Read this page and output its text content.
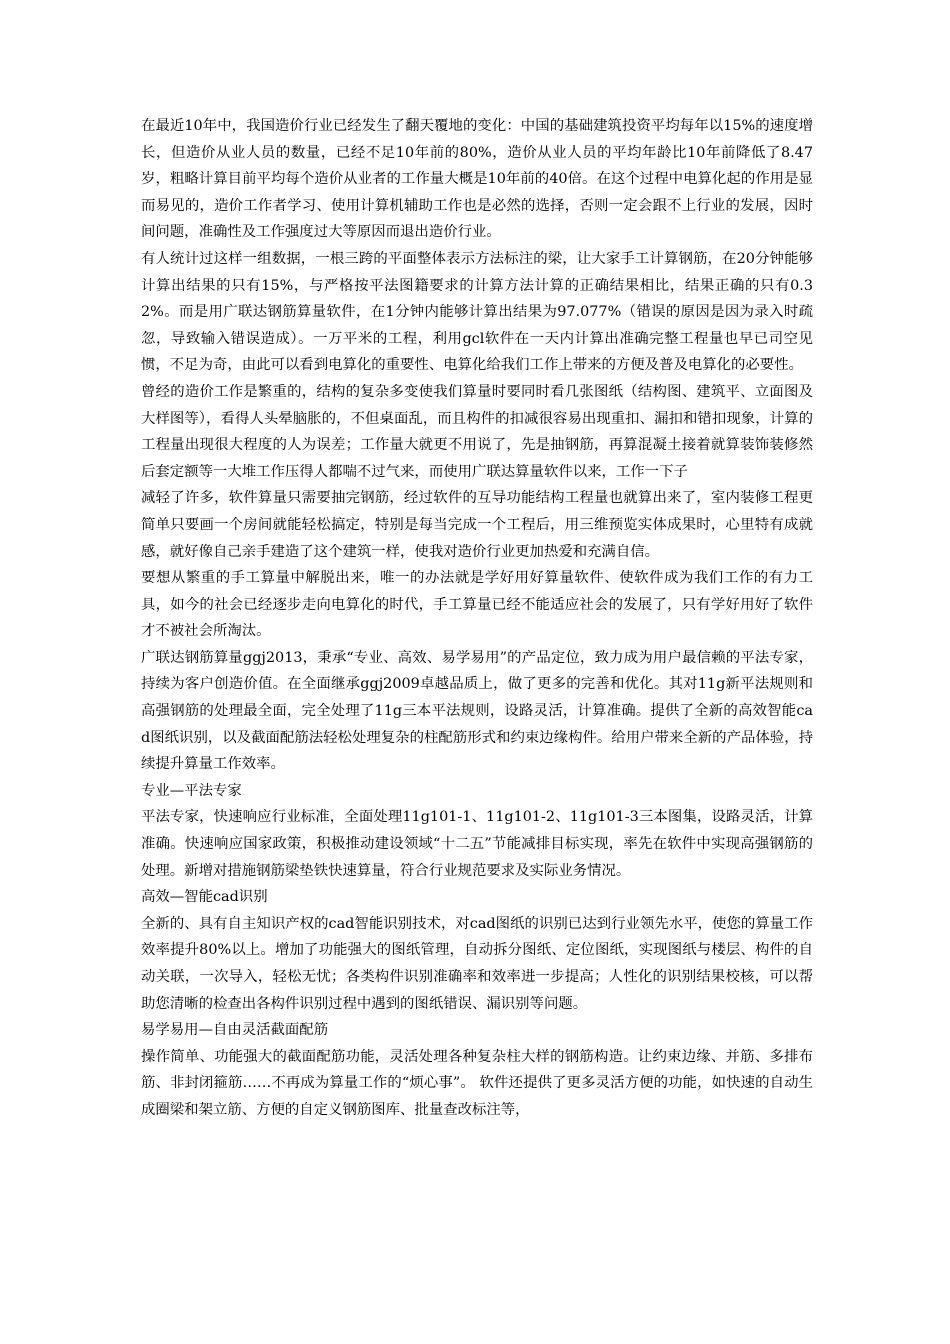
在最近10年中，我国造价行业已经发生了翻天覆地的变化：中国的基础建筑投资平均每年以15%的速度增长，但造价从业人员的数量，已经不足10年前的80%，造价从业人员的平均年龄比10年前降低了8.47岁，粗略计算目前平均每个造价从业者的工作量大概是10年前的40倍。在这个过程中电算化起的作用是显而易见的，造价工作者学习、使用计算机辅助工作也是必然的选择，否则一定会跟不上行业的发展，因时间问题，准确性及工作强度过大等原因而退出造价行业。

有人统计过这样一组数据，一根三跨的平面整体表示方法标注的梁，让大家手工计算钢筋，在20分钟能够计算出结果的只有15%，与严格按平法图籍要求的计算方法计算的正确结果相比，结果正确的只有0.32%。而是用广联达钢筋算量软件，在1分钟内能够计算出结果为97.077%（错误的原因是因为录入时疏忽，导致输入错误造成）。一万平米的工程，利用gcl软件在一天内计算出准确完整工程量也早已司空见惯，不足为奇，由此可以看到电算化的重要性、电算化给我们工作上带来的方便及普及电算化的必要性。

曾经的造价工作是繁重的，结构的复杂多变使我们算量时要同时看几张图纸（结构图、建筑平、立面图及大样图等），看得人头晕脑胀的，不但桌面乱，而且构件的扣减很容易出现重扣、漏扣和错扣现象，计算的工程量出现很大程度的人为误差；工作量大就更不用说了，先是抽钢筋，再算混凝土接着就算装饰装修然后套定额等一大堆工作压得人都喘不过气来，而使用广联达算量软件以来，工作一下子

减轻了许多，软件算量只需要抽完钢筋，经过软件的互导功能结构工程量也就算出来了，室内装修工程更简单只要画一个房间就能轻松搞定，特别是每当完成一个工程后，用三维预览实体成果时，心里特有成就感，就好像自己亲手建造了这个建筑一样，使我对造价行业更加热爱和充满自信。

要想从繁重的手工算量中解脱出来，唯一的办法就是学好用好算量软件、使软件成为我们工作的有力工具，如今的社会已经逐步走向电算化的时代，手工算量已经不能适应社会的发展了，只有学好用好了软件才不被社会所淘汰。

广联达钢筋算量ggj2013，秉承“专业、高效、易学易用”的产品定位，致力成为用户最信赖的平法专家，持续为客户创造价值。在全面继承ggj2009卓越品质上，做了更多的完善和优化。其对11g新平法规则和高强钢筋的处理最全面，完全处理了11g三本平法规则，设路灵活，计算准确。提供了全新的高效智能cad图纸识别，以及截面配筋法轻松处理复杂的柱配筋形式和约束边缘构件。给用户带来全新的产品体验，持续提升算量工作效率。

专业—平法专家

平法专家，快速响应行业标准，全面处理11g101-1、11g101-2、11g101-3三本图集，设路灵活，计算准确。快速响应国家政策，积极推动建设领域“十二五”节能减排目标实现，率先在软件中实现高强钢筋的处理。新增对措施钢筋梁垫铁快速算量，符合行业规范要求及实际业务情况。

高效—智能cad识别

全新的、具有自主知识产权的cad智能识别技术，对cad图纸的识别已达到行业领先水平，使您的算量工作效率提升80%以上。增加了功能强大的图纸管理，自动拆分图纸、定位图纸，实现图纸与楼层、构件的自动关联，一次导入，轻松无忧；各类构件识别准确率和效率进一步提高；人性化的识别结果校核，可以帮助您清晰的检查出各构件识别过程中遇到的图纸错误、漏识别等问题。

易学易用—自由灵活截面配筋

操作简单、功能强大的截面配筋功能，灵活处理各种复杂柱大样的钢筋构造。让约束边缘、并筋、多排布筋、非封闭箍筋……不再成为算量工作的“烦心事”。 软件还提供了更多灵活方便的功能，如快速的自动生成圈梁和架立筋、方便的自定义钢筋图库、批量查改标注等，
